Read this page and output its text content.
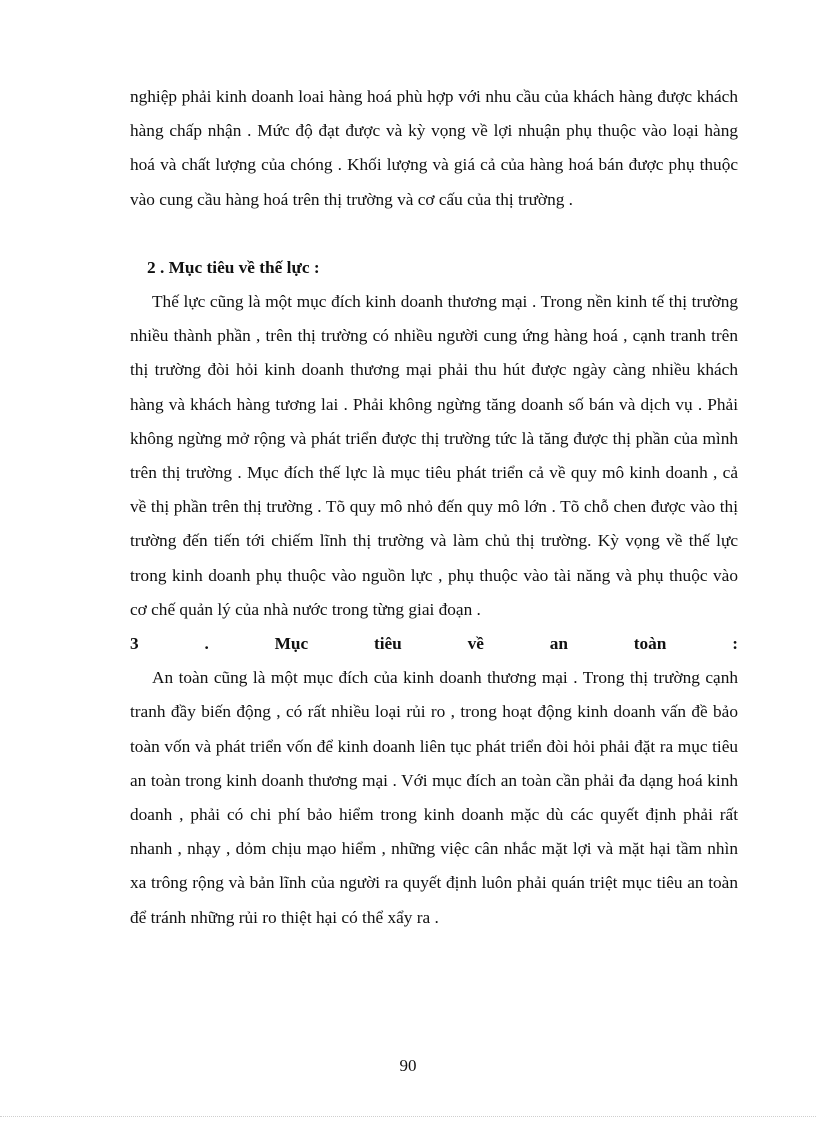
nghiệp phải kinh doanh loai hàng hoá phù hợp với nhu cầu của khách hàng được khách hàng chấp nhận . Mức độ đạt được và kỳ vọng về lợi nhuận phụ thuộc vào loại hàng hoá và chất lượng của chóng . Khối lượng và giá cả của hàng hoá bán được phụ thuộc vào cung cầu hàng hoá trên thị trường và cơ cấu của thị trường .

2 . Mục tiêu về thế lực :

Thế lực cũng là một mục đích kinh doanh thương mại . Trong nền kinh tế thị trường nhiều thành phần , trên thị trường có nhiều người cung ứng hàng hoá , cạnh tranh trên thị trường đòi hỏi kinh doanh thương mại phải thu hút được ngày càng nhiều khách hàng và khách hàng tương lai . Phải không ngừng tăng doanh số bán và dịch vụ . Phải không ngừng mở rộng và phát triển được thị trường tức là tăng được thị phần của mình trên thị trường . Mục đích thế lực là mục tiêu phát triển cả về quy mô kinh doanh , cả về thị phần trên thị trường . Tõ quy mô nhỏ đến quy mô lớn . Tõ chỗ chen được vào thị trường đến tiến tới chiếm lĩnh thị trường và làm chủ thị trường. Kỳ vọng về thế lực trong kinh doanh phụ thuộc vào nguồn lực , phụ thuộc vào tài năng và phụ thuộc vào cơ chế quản lý của nhà nước trong từng giai đoạn .

3	.	Mục	tiêu	về	an	toàn	:

An toàn cũng là một mục đích của kinh doanh thương mại . Trong thị trường cạnh tranh đầy biến động , có rất nhiều loại rủi ro , trong hoạt động kinh doanh vấn đề bảo toàn vốn và phát triển vốn để kinh doanh liên tục phát triển đòi hỏi phải đặt ra mục tiêu an toàn trong kinh doanh thương mại . Với mục đích an toàn cần phải đa dạng hoá kinh doanh , phải có chi phí bảo hiểm trong kinh doanh mặc dù các quyết định phải rất nhanh , nhạy , dỏm chịu mạo hiểm , những việc cân nhắc mặt lợi và mặt hại tầm nhìn xa trông rộng và bản lĩnh của người ra quyết định luôn phải quán triệt mục tiêu an toàn để tránh những rủi ro thiệt hại có thể xẩy ra .

90
